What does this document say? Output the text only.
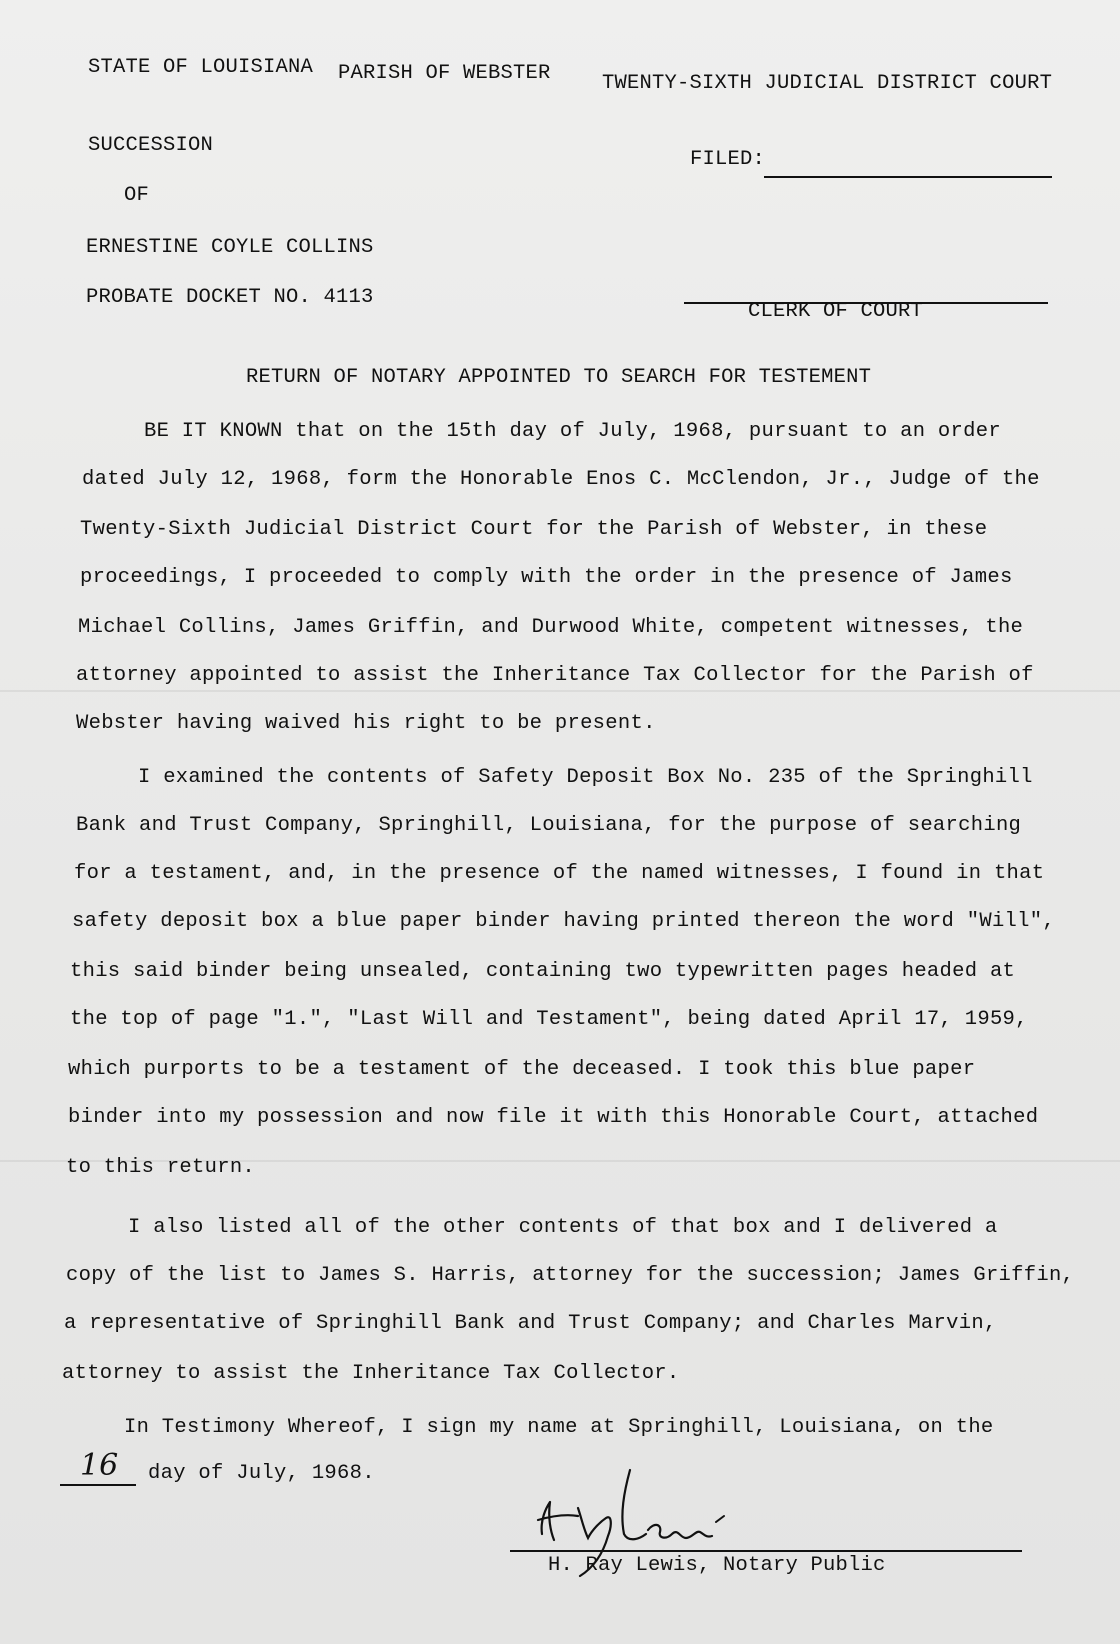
STATE OF LOUISIANA PARISH OF WEBSTER	TWENTY-SIXTH JUDICIAL DISTRICT COURT
SUCCESSION
OF
ERNESTINE COYLE COLLINS
PROBATE DOCKET NO. 4113
FILED:
CLERK OF COURT
RETURN OF NOTARY APPOINTED TO SEARCH FOR TESTEMENT
BE IT KNOWN that on the 15th day of July, 1968, pursuant to an order
dated July 12, 1968, form the Honorable Enos C. McClendon, Jr., Judge of the
Twenty-Sixth Judicial District Court for the Parish of Webster, in these
proceedings, I proceeded to comply with the order in the presence of James
Michael Collins, James Griffin, and Durwood White, competent witnesses, the
attorney appointed to assist the Inheritance Tax Collector for the Parish of
Webster having waived his right to be present.
I examined the contents of Safety Deposit Box No. 235 of the Springhill
Bank and Trust Company, Springhill, Louisiana, for the purpose of searching
for a testament, and, in the presence of the named witnesses, I found in that
safety deposit box a blue paper binder having printed thereon the word "Will",
this said binder being unsealed, containing two typewritten pages headed at
the top of page "1.", "Last Will and Testament", being dated April 17, 1959,
which purports to be a testament of the deceased. I took this blue paper
binder into my possession and now file it with this Honorable Court, attached
to this return.
I also listed all of the other contents of that box and I delivered a
copy of the list to James S. Harris, attorney for the succession; James Griffin,
a representative of Springhill Bank and Trust Company; and Charles Marvin,
attorney to assist the Inheritance Tax Collector.
In Testimony Whereof, I sign my name at Springhill, Louisiana, on the
16 day of July, 1968.
H. Ray Lewis, Notary Public
